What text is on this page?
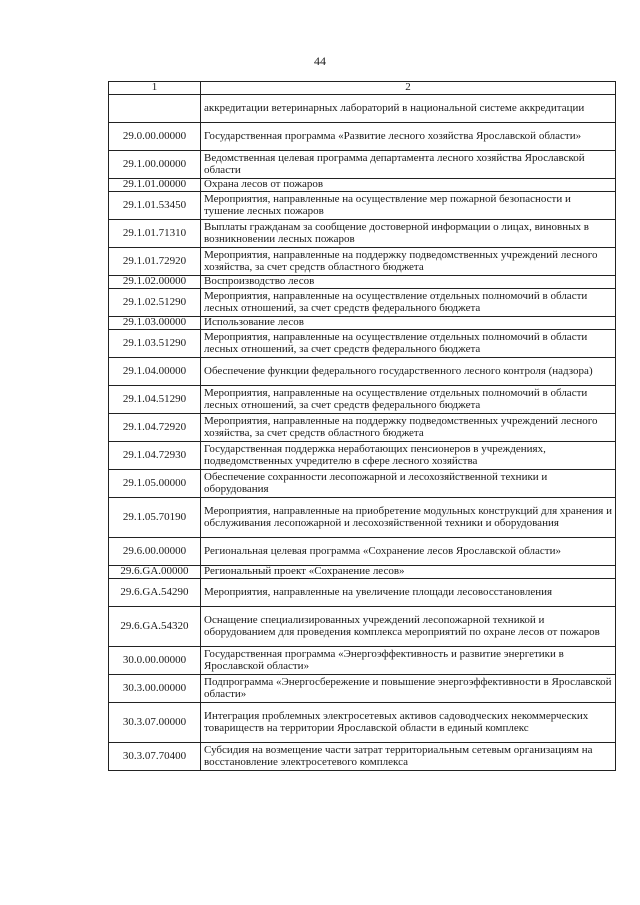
44
1	2
	аккредитации ветеринарных лабораторий в национальной системе аккредитации
29.0.00.00000	Государственная программа «Развитие лесного хозяйства Ярославской области»
29.1.00.00000	Ведомственная целевая программа департамента лесного хозяйства Ярославской области
29.1.01.00000	Охрана лесов от пожаров
29.1.01.53450	Мероприятия, направленные на осуществление мер пожарной безопасности и тушение лесных пожаров
29.1.01.71310	Выплаты гражданам за сообщение достоверной информации о лицах, виновных в возникновении лесных пожаров
29.1.01.72920	Мероприятия, направленные на поддержку подведомственных учреждений лесного хозяйства, за счет средств областного бюджета
29.1.02.00000	Воспроизводство лесов
29.1.02.51290	Мероприятия, направленные на осуществление отдельных полномочий в области лесных отношений, за счет средств федерального бюджета
29.1.03.00000	Использование лесов
29.1.03.51290	Мероприятия, направленные на осуществление отдельных полномочий в области лесных отношений, за счет средств федерального бюджета
29.1.04.00000	Обеспечение функции федерального государственного лесного контроля (надзора)
29.1.04.51290	Мероприятия, направленные на осуществление отдельных полномочий в области лесных отношений, за счет средств федерального бюджета
29.1.04.72920	Мероприятия, направленные на поддержку подведомственных учреждений лесного хозяйства, за счет средств областного бюджета
29.1.04.72930	Государственная поддержка неработающих пенсионеров в учреждениях, подведомственных учредителю в сфере лесного хозяйства
29.1.05.00000	Обеспечение сохранности лесопожарной и лесохозяйственной техники и оборудования
29.1.05.70190	Мероприятия, направленные на приобретение модульных конструкций для хранения и обслуживания лесопожарной и лесохозяйственной техники и оборудования
29.6.00.00000	Региональная целевая программа «Сохранение лесов Ярославской области»
29.6.GA.00000	Региональный проект «Сохранение лесов»
29.6.GA.54290	Мероприятия, направленные на увеличение площади лесовосстановления
29.6.GA.54320	Оснащение специализированных учреждений лесопожарной техникой и оборудованием для проведения комплекса мероприятий по охране лесов от пожаров
30.0.00.00000	Государственная программа «Энергоэффективность и развитие энергетики в Ярославской области»
30.3.00.00000	Подпрограмма «Энергосбережение и повышение энергоэффективности в Ярославской области»
30.3.07.00000	Интеграция проблемных электросетевых активов садоводческих некоммерческих товариществ на территории Ярославской области в единый комплекс
30.3.07.70400	Субсидия на возмещение части затрат территориальным сетевым организациям на восстановление электросетевого комплекса
